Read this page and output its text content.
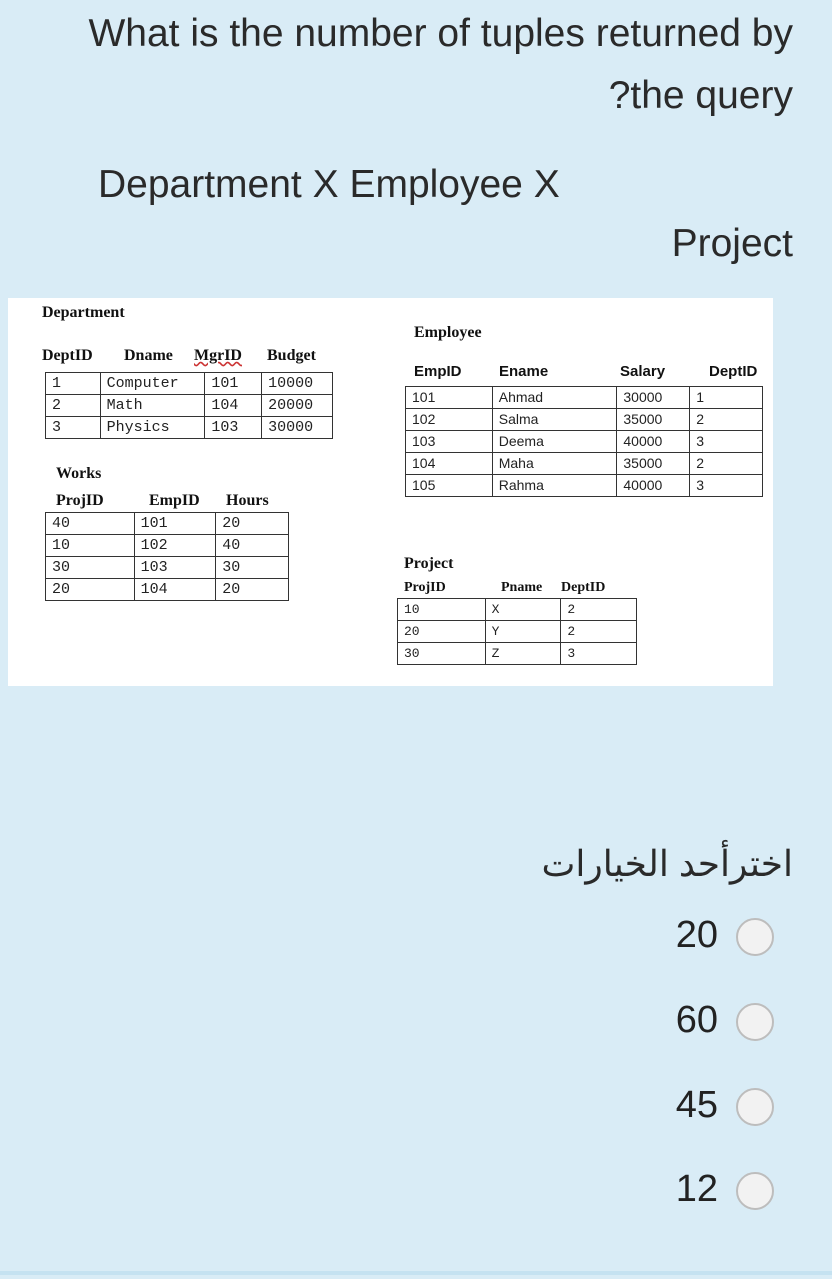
What is the number of tuples returned by
?the query
Department X Employee X
Project
Department
DeptID Dname MgrID Budget
1	Computer	101	10000
2	Math	104	20000
3	Physics	103	30000
Works
ProjID	EmpID Hours
40	101	20
10	102	40
30	103	30
20	104	20
Employee
EmpID Ename	Salary	DeptID
101	Ahmad	30000	1
102	Salma	35000	2
103	Deema	40000	3
104	Maha	35000	2
105	Rahma	40000	3
Project
ProjID	Pname DeptID
10	X	2
20	Y	2
30	Z	3
اخترأحد الخيارات
20
60
45
12
